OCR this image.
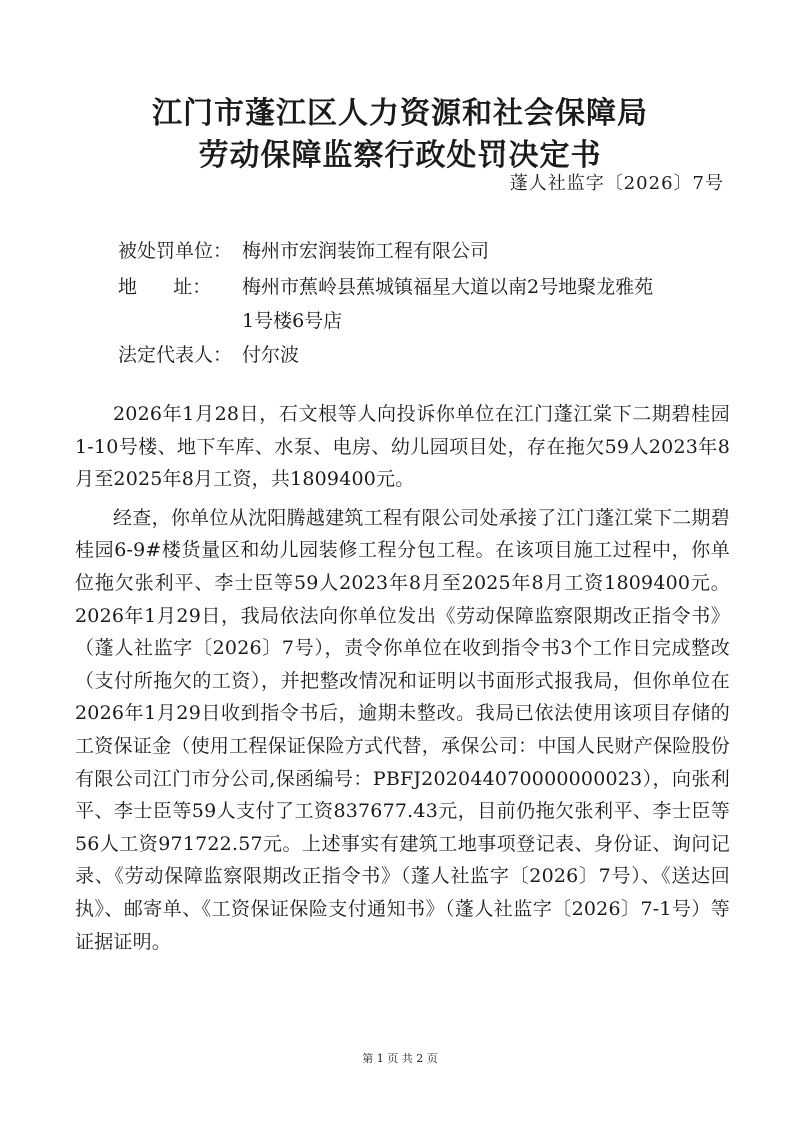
江门市蓬江区人力资源和社会保障局
劳动保障监察行政处罚决定书
蓬人社监字〔2026〕7号
被处罚单位： 梅州市宏润装饰工程有限公司
地      址：	梅州市蕉岭县蕉城镇福星大道以南2号地聚龙雅苑
1号楼6号店
法定代表人： 付尔波

2026年1月28日，石文根等人向投诉你单位在江门蓬江棠下二期碧桂园1-10号楼、地下车库、水泵、电房、幼儿园项目处，存在拖欠59人2023年8月至2025年8月工资，共1809400元。

经查，你单位从沈阳腾越建筑工程有限公司处承接了江门蓬江棠下二期碧桂园6-9#楼货量区和幼儿园装修工程分包工程。在该项目施工过程中，你单位拖欠张利平、李士臣等59人2023年8月至2025年8月工资1809400元。2026年1月29日，我局依法向你单位发出《劳动保障监察限期改正指令书》（蓬人社监字〔2026〕7号），责令你单位在收到指令书3个工作日完成整改（支付所拖欠的工资），并把整改情况和证明以书面形式报我局，但你单位在2026年1月29日收到指令书后，逾期未整改。我局已依法使用该项目存储的工资保证金（使用工程保证保险方式代替，承保公司：中国人民财产保险股份有限公司江门市分公司,保函编号：PBFJ202044070000000023），向张利平、李士臣等59人支付了工资837677.43元，目前仍拖欠张利平、李士臣等56人工资971722.57元。上述事实有建筑工地事项登记表、身份证、询问记录、《劳动保障监察限期改正指令书》（蓬人社监字〔2026〕7号）、《送达回执》、邮寄单、《工资保证保险支付通知书》（蓬人社监字〔2026〕7-1号）等证据证明。

第 1 页 共 2 页
